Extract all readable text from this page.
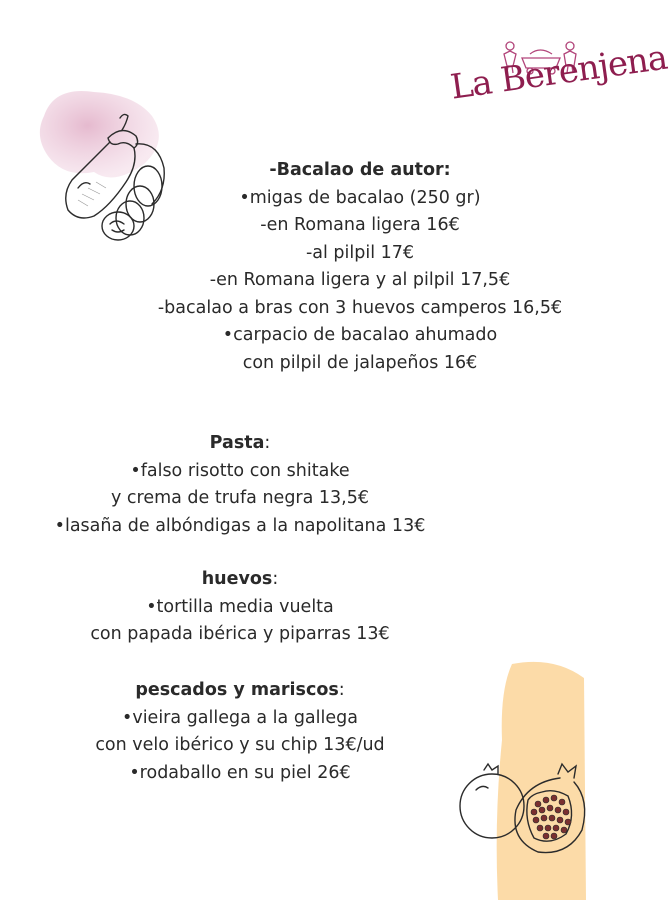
La Berenjena
-Bacalao de autor:
•migas de bacalao (250 gr)
-en Romana ligera 16€
-al pilpil 17€
-en Romana ligera y al pilpil 17,5€
-bacalao a bras con 3 huevos camperos 16,5€
•carpacio de bacalao ahumado
con pilpil de jalapeños 16€
Pasta:
•falso risotto con shitake
y crema de trufa negra 13,5€
•lasaña de albóndigas a la napolitana 13€
huevos:
•tortilla media vuelta
con papada ibérica y piparras 13€
pescados y mariscos:
•vieira gallega a la gallega
con velo ibérico y su chip 13€/ud
•rodaballo en su piel 26€
